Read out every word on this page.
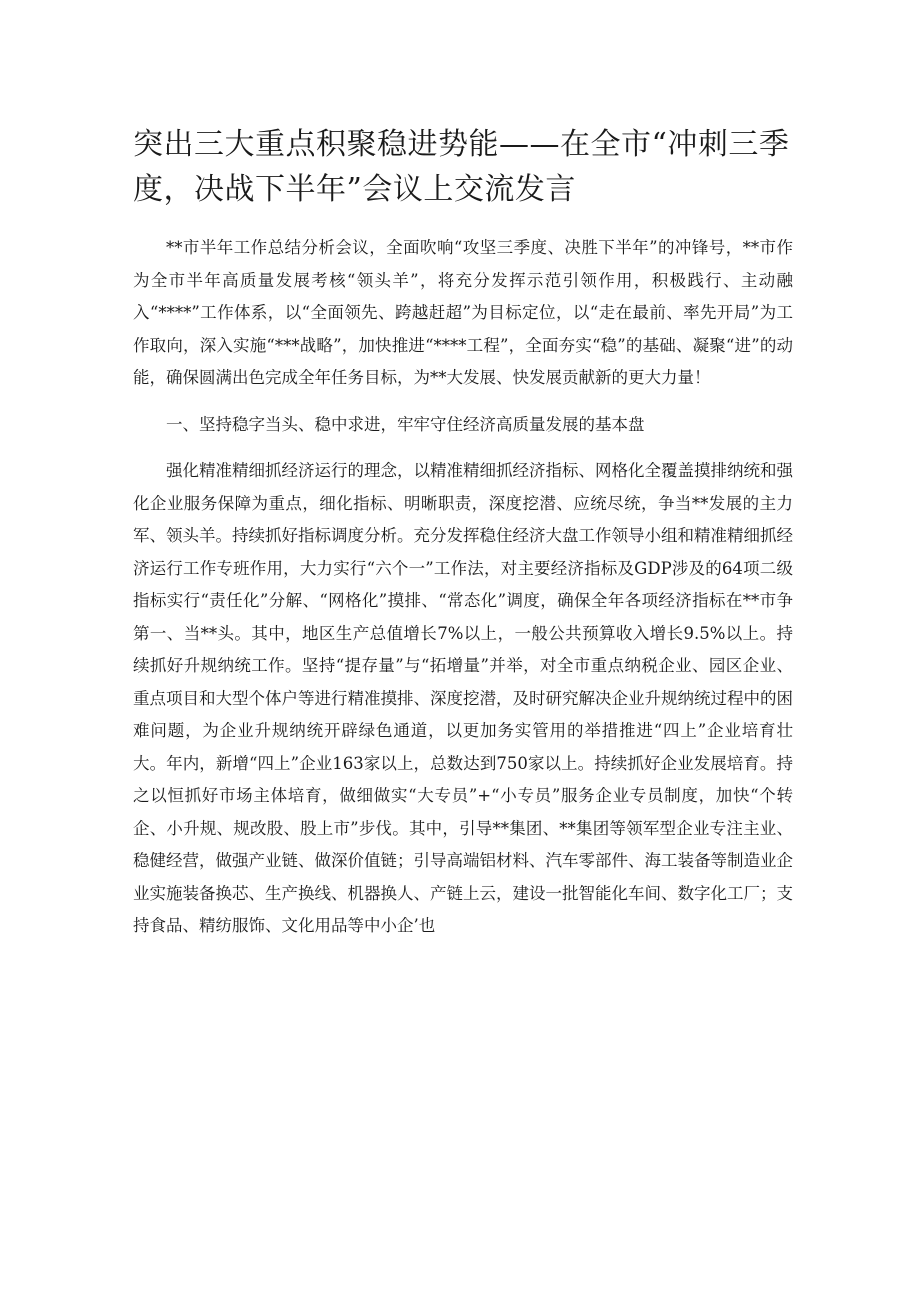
突出三大重点积聚稳进势能——在全市“冲刺三季度，决战下半年”会议上交流发言

**市半年工作总结分析会议，全面吹响“攻坚三季度、决胜下半年”的冲锋号，**市作为全市半年高质量发展考核“领头羊”，将充分发挥示范引领作用，积极践行、主动融入“****”工作体系，以“全面领先、跨越赶超”为目标定位，以“走在最前、率先开局”为工作取向，深入实施“***战略”，加快推进“****工程”，全面夯实“稳”的基础、凝聚“进”的动能，确保圆满出色完成全年任务目标，为**大发展、快发展贡献新的更大力量！

一、坚持稳字当头、稳中求进，牢牢守住经济高质量发展的基本盘

强化精准精细抓经济运行的理念，以精准精细抓经济指标、网格化全覆盖摸排纳统和强化企业服务保障为重点，细化指标、明晰职责，深度挖潜、应统尽统，争当**发展的主力军、领头羊。持续抓好指标调度分析。充分发挥稳住经济大盘工作领导小组和精准精细抓经济运行工作专班作用，大力实行“六个一”工作法，对主要经济指标及GDP涉及的64项二级指标实行“责任化”分解、“网格化”摸排、“常态化”调度，确保全年各项经济指标在**市争第一、当**头。其中，地区生产总值增长7%以上，一般公共预算收入增长9.5%以上。持续抓好升规纳统工作。坚持“提存量”与“拓增量”并举，对全市重点纳税企业、园区企业、重点项目和大型个体户等进行精准摸排、深度挖潜，及时研究解决企业升规纳统过程中的困难问题，为企业升规纳统开辟绿色通道，以更加务实管用的举措推进“四上”企业培育壮大。年内，新增“四上”企业163家以上，总数达到750家以上。持续抓好企业发展培育。持之以恒抓好市场主体培育，做细做实“大专员”+“小专员”服务企业专员制度，加快“个转企、小升规、规改股、股上市”步伐。其中，引导**集团、**集团等领军型企业专注主业、稳健经营，做强产业链、做深价值链；引导高端铝材料、汽车零部件、海工装备等制造业企业实施装备换芯、生产换线、机器换人、产链上云，建设一批智能化车间、数字化工厂；支持食品、精纺服饰、文化用品等中小企’也
